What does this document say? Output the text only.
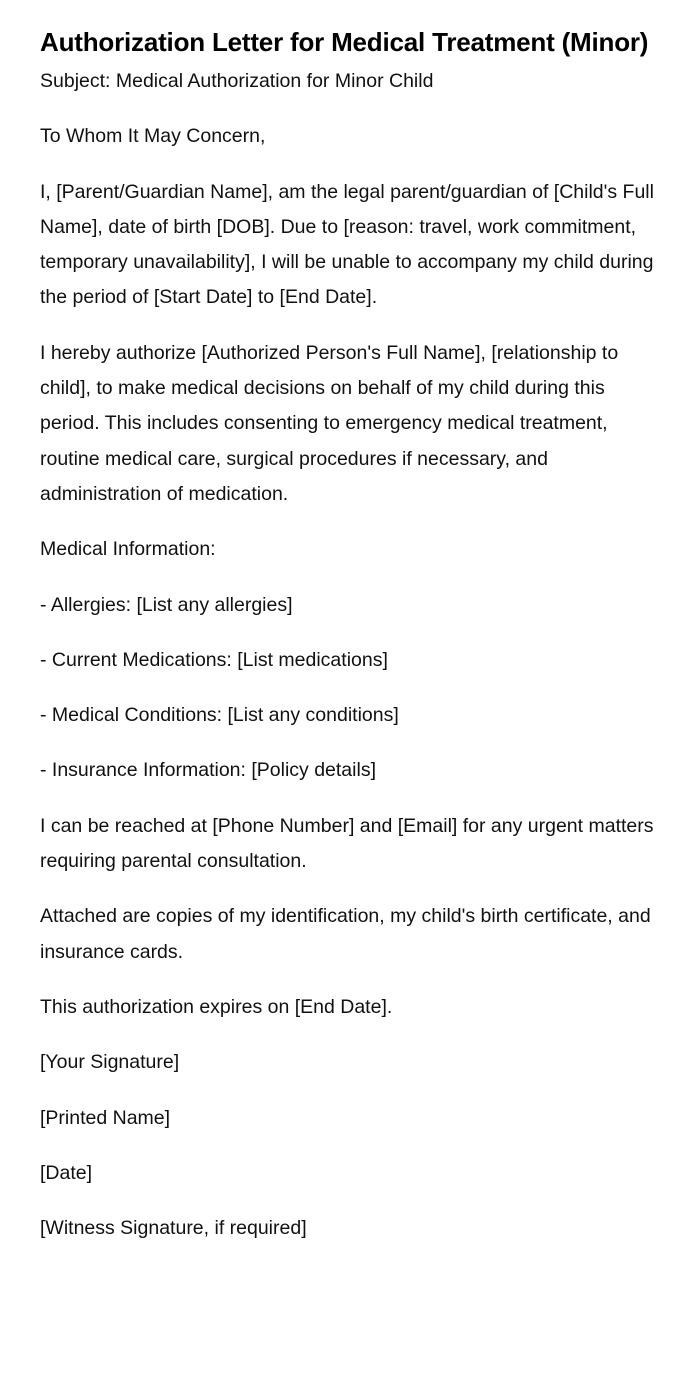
Authorization Letter for Medical Treatment (Minor)

Subject: Medical Authorization for Minor Child

To Whom It May Concern,

I, [Parent/Guardian Name], am the legal parent/guardian of [Child's Full Name], date of birth [DOB]. Due to [reason: travel, work commitment, temporary unavailability], I will be unable to accompany my child during the period of [Start Date] to [End Date].

I hereby authorize [Authorized Person's Full Name], [relationship to child], to make medical decisions on behalf of my child during this period. This includes consenting to emergency medical treatment, routine medical care, surgical procedures if necessary, and administration of medication.

Medical Information:

- Allergies: [List any allergies]

- Current Medications: [List medications]

- Medical Conditions: [List any conditions]

- Insurance Information: [Policy details]

I can be reached at [Phone Number] and [Email] for any urgent matters requiring parental consultation.

Attached are copies of my identification, my child's birth certificate, and insurance cards.

This authorization expires on [End Date].

[Your Signature]

[Printed Name]

[Date]

[Witness Signature, if required]
